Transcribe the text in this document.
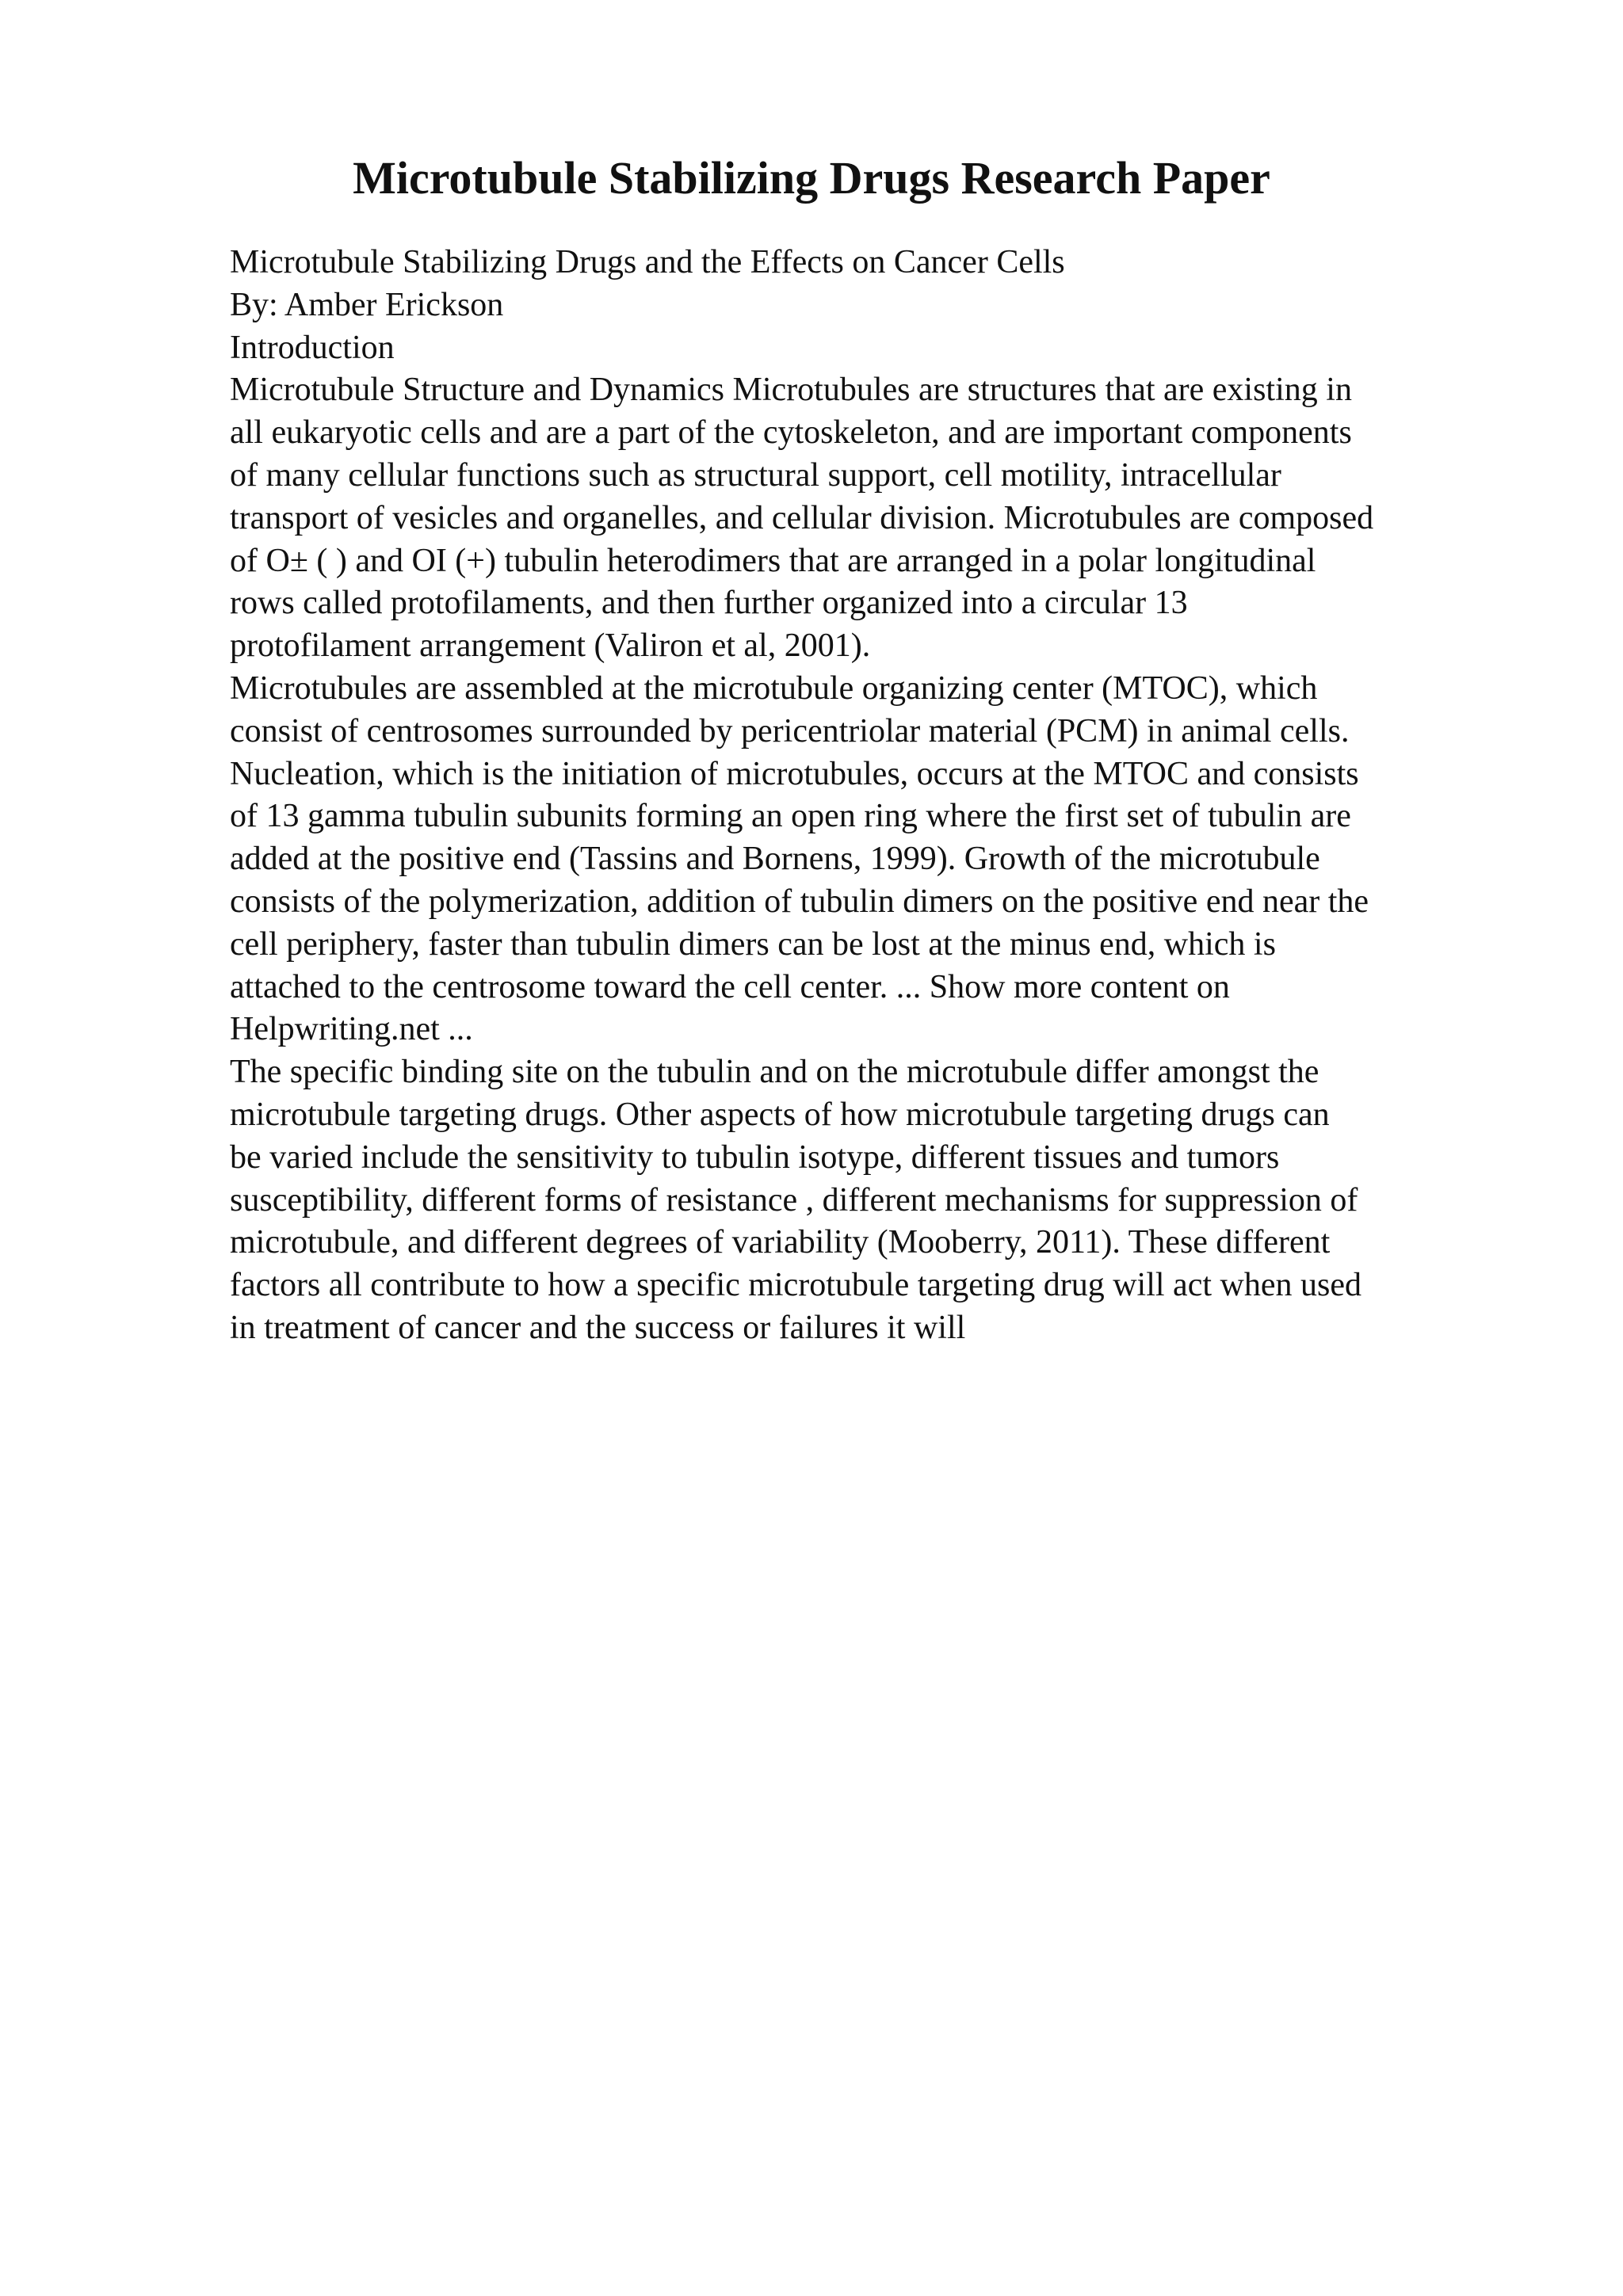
Microtubule Stabilizing Drugs Research Paper
Microtubule Stabilizing Drugs and the Effects on Cancer Cells
By: Amber Erickson
Introduction
Microtubule Structure and Dynamics Microtubules are structures that are existing in
all eukaryotic cells and are a part of the cytoskeleton, and are important components
of many cellular functions such as structural support, cell motility, intracellular
transport of vesicles and organelles, and cellular division. Microtubules are composed
of O± ( ) and OI (+) tubulin heterodimers that are arranged in a polar longitudinal
rows called protofilaments, and then further organized into a circular 13
protofilament arrangement (Valiron et al, 2001).
Microtubules are assembled at the microtubule organizing center (MTOC), which
consist of centrosomes surrounded by pericentriolar material (PCM) in animal cells.
Nucleation, which is the initiation of microtubules, occurs at the MTOC and consists
of 13 gamma tubulin subunits forming an open ring where the first set of tubulin are
added at the positive end (Tassins and Bornens, 1999). Growth of the microtubule
consists of the polymerization, addition of tubulin dimers on the positive end near the
cell periphery, faster than tubulin dimers can be lost at the minus end, which is
attached to the centrosome toward the cell center. ... Show more content on
Helpwriting.net ...
The specific binding site on the tubulin and on the microtubule differ amongst the
microtubule targeting drugs. Other aspects of how microtubule targeting drugs can
be varied include the sensitivity to tubulin isotype, different tissues and tumors
susceptibility, different forms of resistance , different mechanisms for suppression of
microtubule, and different degrees of variability (Mooberry, 2011). These different
factors all contribute to how a specific microtubule targeting drug will act when used
in treatment of cancer and the success or failures it will
